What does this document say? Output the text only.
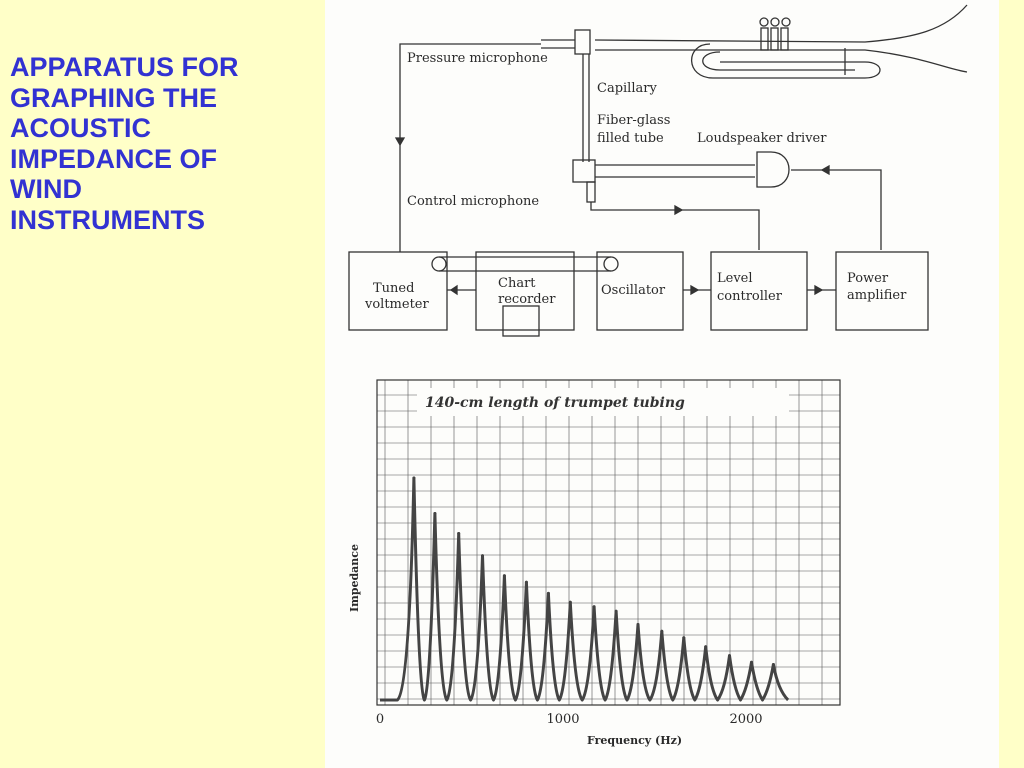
APPARATUS FOR
GRAPHING THE
ACOUSTIC
IMPEDANCE OF
WIND
INSTRUMENTS
Pressure microphone
Capillary
Fiber-glass
filled tube	Loudspeaker driver
Control microphone
Tuned
voltmeter
Chart
recorder
Oscillator
Level
controller
Power
amplifier
140-cm length of trumpet tubing
0	1000	2000
Impedance
Frequency (Hz)
